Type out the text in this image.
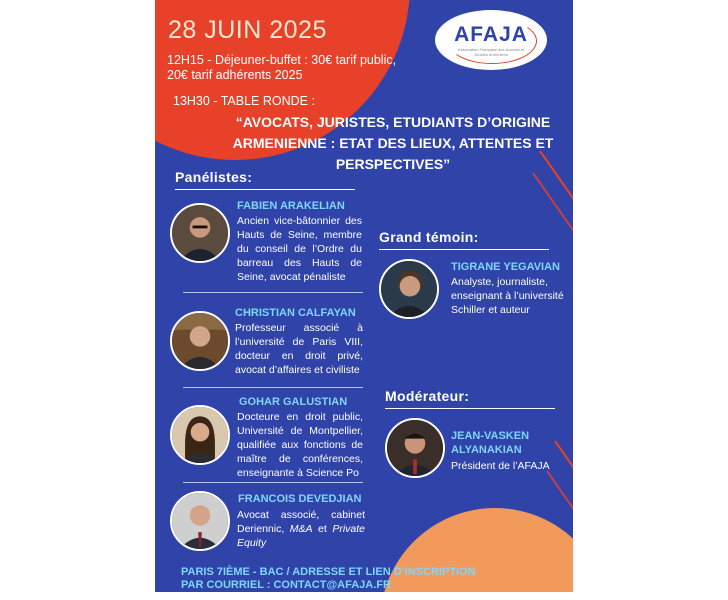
28 JUIN 2025	AFAJA
Association Française des Avocats et Juristes Arméniens
12H15 - Déjeuner-buffet : 30€ tarif public, 20€ tarif adhérents 2025
13H30 - TABLE RONDE :
“AVOCATS, JURISTES, ETUDIANTS D’ORIGINE ARMENIENNE : ETAT DES LIEUX, ATTENTES ET PERSPECTIVES”
Panélistes:
FABIEN ARAKELIAN
Ancien vice-bâtonnier des Hauts de Seine, membre du conseil de l’Ordre du barreau des Hauts de Seine, avocat pénaliste
CHRISTIAN CALFAYAN
Professeur associé à l’université de Paris VIII, docteur en droit privé, avocat d’affaires et civiliste
GOHAR GALUSTIAN
Docteure en droit public, Université de Montpellier, qualifiée aux fonctions de maître de conférences, enseignante à Science Po
FRANCOIS DEVEDJIAN
Avocat associé, cabinet Deriennic, M&A et Private Equity
Grand témoin:
TIGRANE YEGAVIAN
Analyste, journaliste, enseignant à l’université Schiller et auteur
Modérateur:
JEAN-VASKEN
ALYANAKIAN
Président de l’AFAJA
PARIS 7IÈME - BAC / ADRESSE ET LIEN D’INSCRIPTION
PAR COURRIEL : CONTACT@AFAJA.FR
